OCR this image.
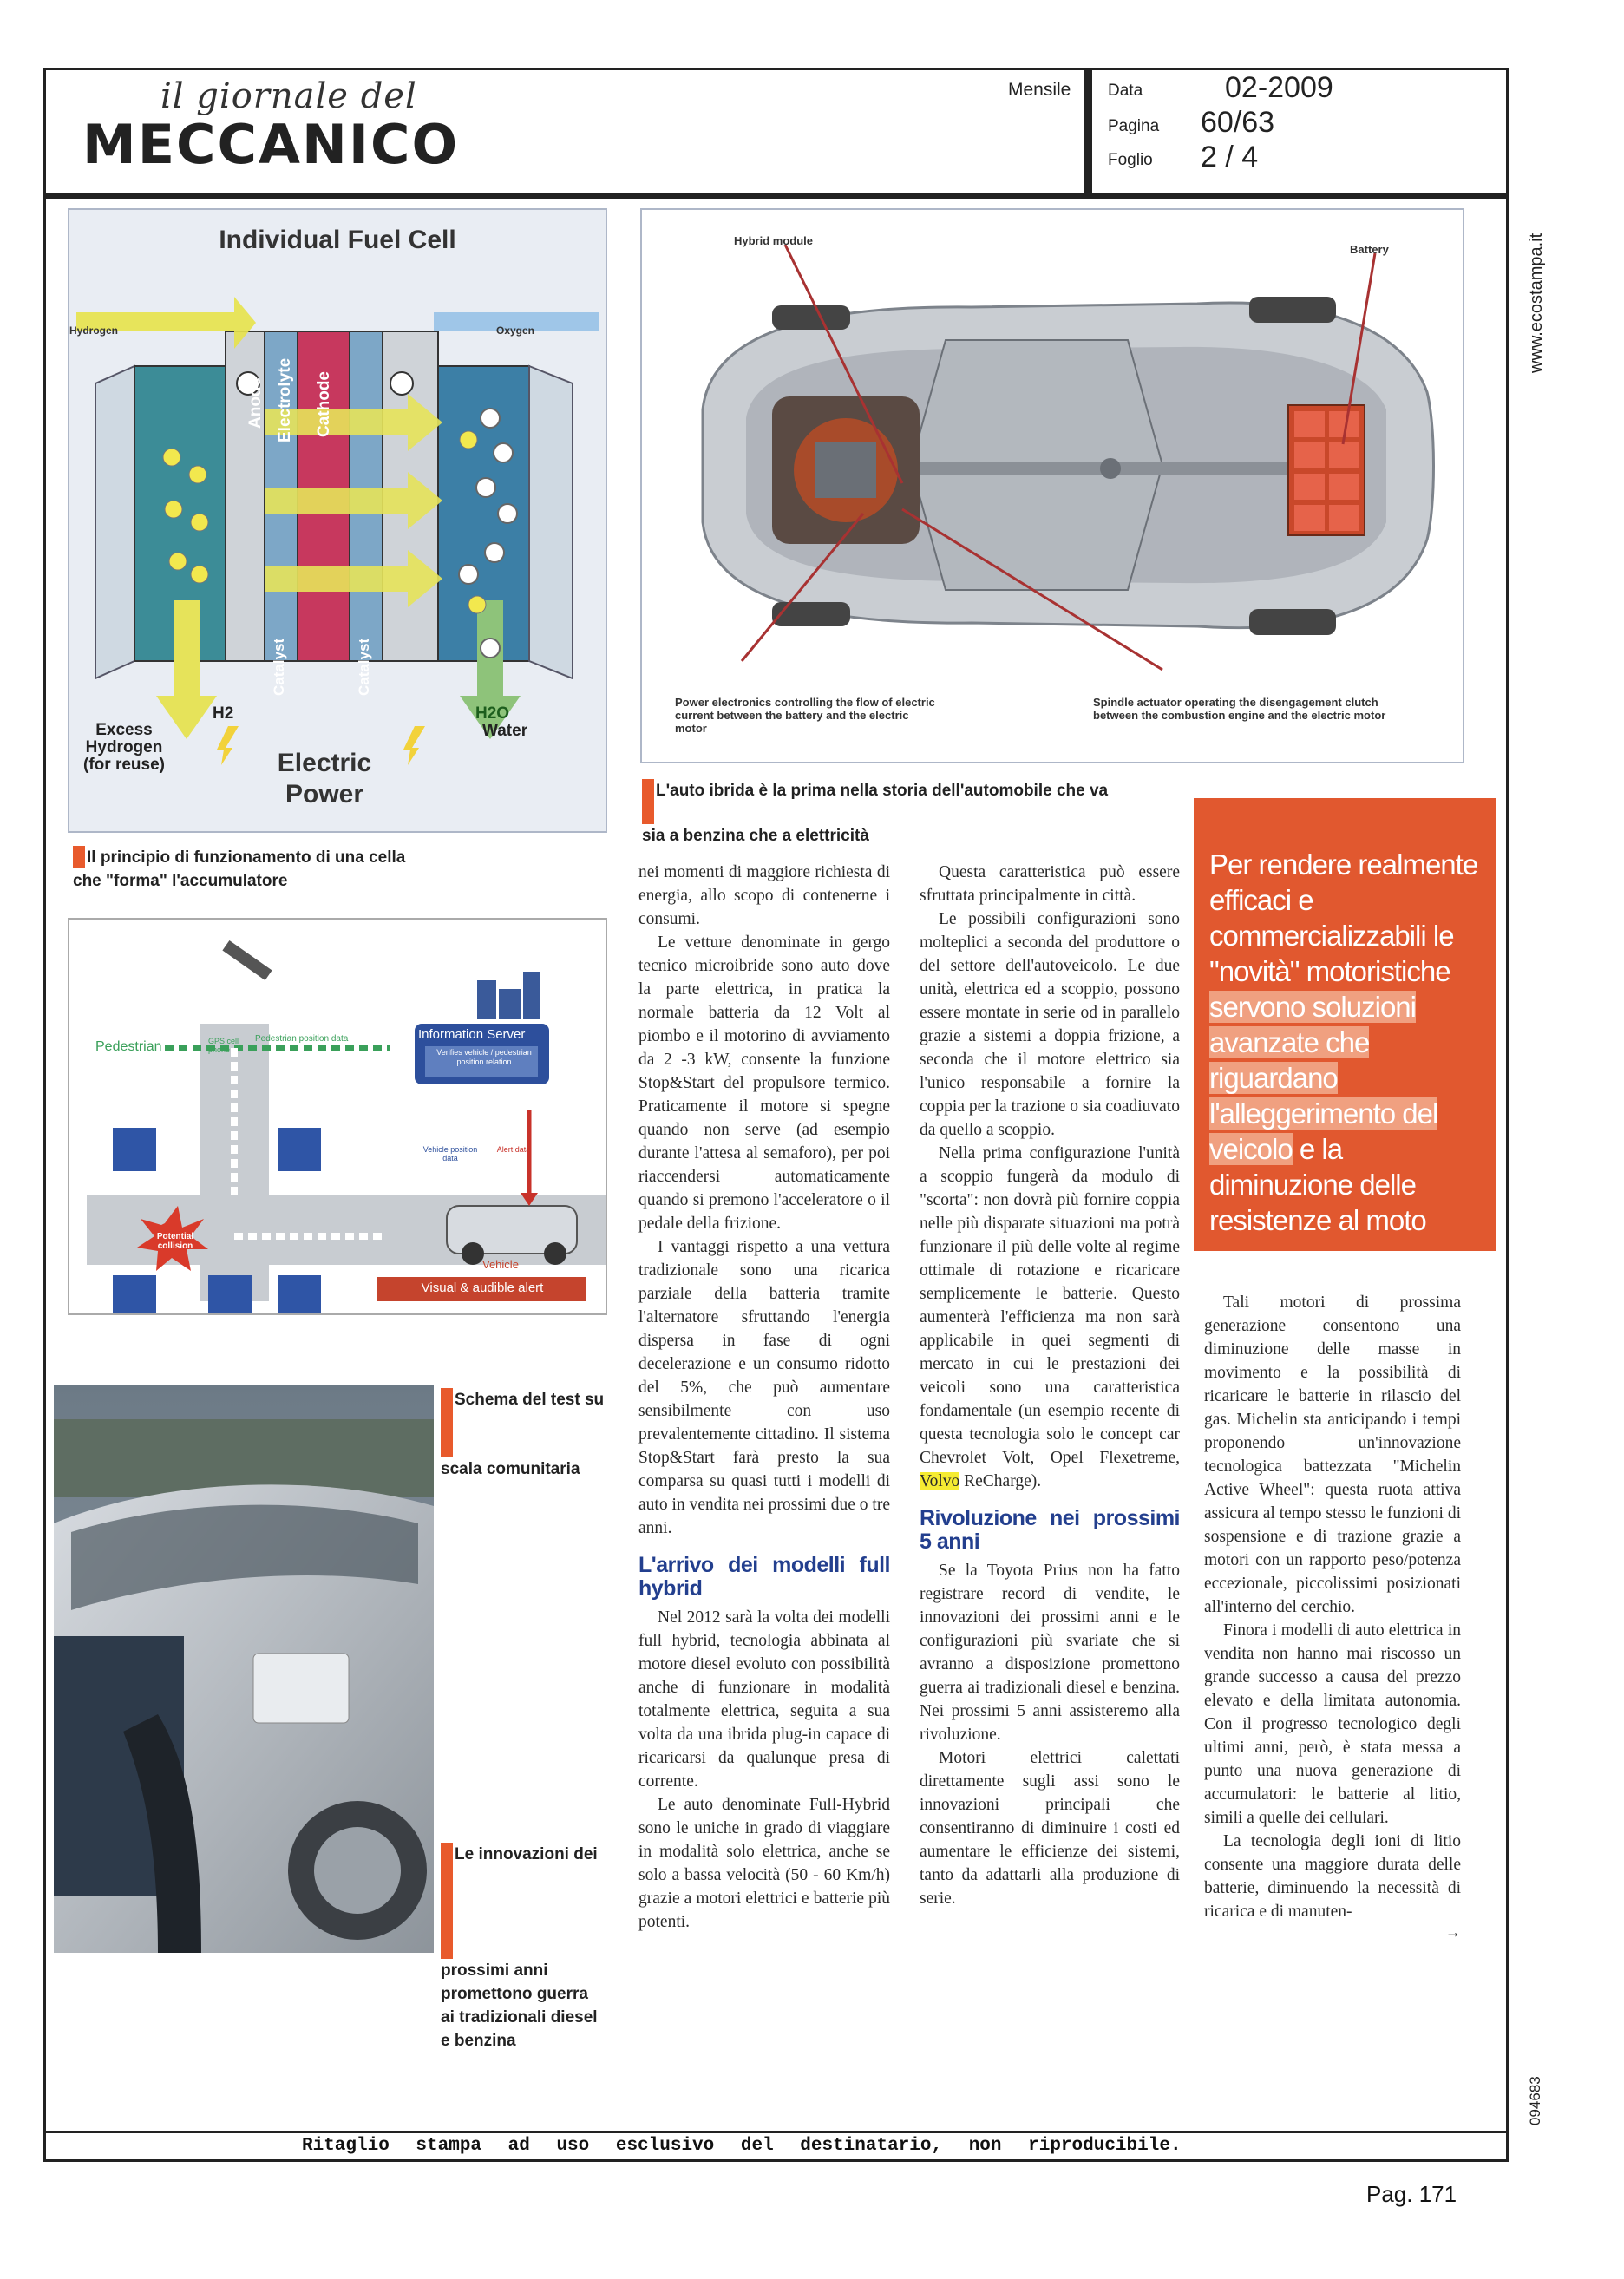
il giornale del
MECCANICO
Mensile Data	02-2009
Pagina 60/63
Foglio 2 / 4
Ritaglio stampa ad uso esclusivo del destinatario, non riproducibile.
www.ecostampa.it
094683
Pag. 171
Individual Fuel Cell
Hydrogen	Oxygen
Anode Electrolyte Cathode
Catalyst	Catalyst
H2	H2O
Excess Hydrogen (for reuse)
Water
Electric Power
Il principio di funzionamento di una cella che "forma" l'accumulatore
Hybrid module
Battery
Power electronics controlling the flow of electric current between the battery and the electric motor
Spindle actuator operating the disengagement clutch between the combustion engine and the electric motor
L'auto ibrida è la prima nella storia dell'automobile che va sia a benzina che a elettricità
Pedestrian	GPS cell phone
Pedestrian position data	Information Server
Verifies vehicle / pedestrian position relation
Vehicle position data
Alert data
Potential collision
Vehicle
Visual & audible alert
Schema del test su scala comunitaria
Le innovazioni dei prossimi anni promettono guerra ai tradizionali diesel e benzina
Per rendere realmente efficaci e commercializzabili le "novità" motoristiche servono soluzioni avanzate che riguardano l'alleggerimento del veicolo e la diminuzione delle resistenze al moto

nei momenti di maggiore richiesta di energia, allo scopo di contenerne i consumi.

Le vetture denominate in gergo tecnico microibride sono auto dove la parte elettrica, in pratica la normale batteria da 12 Volt al piombo e il motorino di avviamento da 2 -3 kW, consente la funzione Stop&Start del propulsore termico. Praticamente il motore si spegne quando non serve (ad esempio durante l'attesa al semaforo), per poi riaccendersi automaticamente quando si premono l'acceleratore o il pedale della frizione.

I vantaggi rispetto a una vettura tradizionale sono una ricarica parziale della batteria tramite l'alternatore sfruttando l'energia dispersa in fase di ogni decelerazione e un consumo ridotto del 5%, che può aumentare sensibilmente con uso prevalentemente cittadino. Il sistema Stop&Start farà presto la sua comparsa su quasi tutti i modelli di auto in vendita nei prossimi due o tre anni.

L'arrivo dei modelli full hybrid

Nel 2012 sarà la volta dei modelli full hybrid, tecnologia abbinata al motore diesel evoluto con possibilità anche di funzionare in modalità totalmente elettrica, seguita a sua volta da una ibrida plug-in capace di ricaricarsi da qualunque presa di corrente.

Le auto denominate Full-Hybrid sono le uniche in grado di viaggiare in modalità solo elettrica, anche se solo a bassa velocità (50 - 60 Km/h) grazie a motori elettrici e batterie più potenti.

Questa caratteristica può essere sfruttata principalmente in città.

Le possibili configurazioni sono molteplici a seconda del produttore o del settore dell'autoveicolo. Le due unità, elettrica ed a scoppio, possono essere montate in serie od in parallelo grazie a sistemi a doppia frizione, a seconda che il motore elettrico sia l'unico responsabile a fornire la coppia per la trazione o sia coadiuvato da quello a scoppio.

Nella prima configurazione l'unità a scoppio fungerà da modulo di "scorta": non dovrà più fornire coppia nelle più disparate situazioni ma potrà funzionare il più delle volte al regime ottimale di rotazione e ricaricare semplicemente le batterie. Questo aumenterà l'efficienza ma non sarà applicabile in quei segmenti di mercato in cui le prestazioni dei veicoli sono una caratteristica fondamentale (un esempio recente di questa tecnologia solo le concept car Chevrolet Volt, Opel Flexetreme, Volvo ReCharge).

Rivoluzione nei prossimi 5 anni

Se la Toyota Prius non ha fatto registrare record di vendite, le innovazioni dei prossimi anni e le configurazioni più svariate che si avranno a disposizione promettono guerra ai tradizionali diesel e benzina. Nei prossimi 5 anni assisteremo alla rivoluzione.

Motori elettrici calettati direttamente sugli assi sono le innovazioni principali che consentiranno di diminuire i costi ed aumentare le efficienze dei sistemi, tanto da adattarli alla produzione di serie.

Tali motori di prossima generazione consentono una diminuzione delle masse in movimento e la possibilità di ricaricare le batterie in rilascio del gas. Michelin sta anticipando i tempi proponendo un'innovazione tecnologica battezzata "Michelin Active Wheel": questa ruota attiva assicura al tempo stesso le funzioni di sospensione e di trazione grazie a motori con un rapporto peso/potenza eccezionale, piccolissimi posizionati all'interno del cerchio.

Finora i modelli di auto elettrica in vendita non hanno mai riscosso un grande successo a causa del prezzo elevato e della limitata autonomia. Con il progresso tecnologico degli ultimi anni, però, è stata messa a punto una nuova generazione di accumulatori: le batterie al litio, simili a quelle dei cellulari.

La tecnologia degli ioni di litio consente una maggiore durata delle batterie, diminuendo la necessità di ricarica e di manuten-

→
